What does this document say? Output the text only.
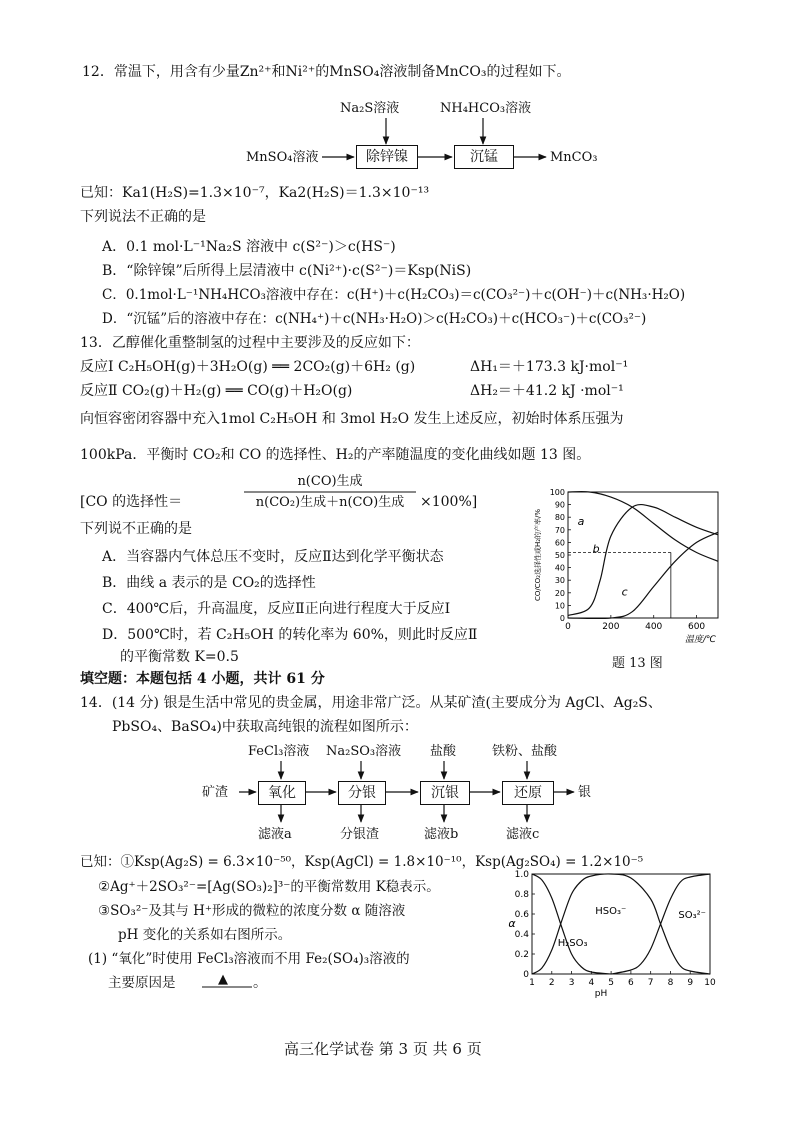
12．常温下，用含有少量Zn²⁺和Ni²⁺的MnSO₄溶液制备MnCO₃的过程如下。
Na₂S溶液	NH₄HCO₃溶液
MnSO₄溶液	除锌镍	沉锰	MnCO₃
已知：Ka1(H₂S)=1.3×10⁻⁷，Ka2(H₂S)＝1.3×10⁻¹³
下列说法不正确的是
A．0.1 mol·L⁻¹Na₂S 溶液中 c(S²⁻)＞c(HS⁻)
B．“除锌镍”后所得上层清液中 c(Ni²⁺)·c(S²⁻)＝Ksp(NiS)
C．0.1mol·L⁻¹NH₄HCO₃溶液中存在：c(H⁺)＋c(H₂CO₃)＝c(CO₃²⁻)＋c(OH⁻)＋c(NH₃·H₂O)
D．“沉锰”后的溶液中存在：c(NH₄⁺)＋c(NH₃·H₂O)＞c(H₂CO₃)＋c(HCO₃⁻)＋c(CO₃²⁻)
13．乙醇催化重整制氢的过程中主要涉及的反应如下：
反应Ⅰ C₂H₅OH(g)＋3H₂O(g) ══ 2CO₂(g)＋6H₂ (g)	ΔH₁＝＋173.3 kJ·mol⁻¹
反应Ⅱ CO₂(g)＋H₂(g) ══ CO(g)＋H₂O(g)	ΔH₂＝＋41.2 kJ ·mol⁻¹
向恒容密闭容器中充入1mol C₂H₅OH 和 3mol H₂O 发生上述反应，初始时体系压强为
100kPa．平衡时 CO₂和 CO 的选择性、H₂的产率随温度的变化曲线如题 13 图。
[CO 的选择性＝
n(CO)生成
n(CO₂)生成＋n(CO)生成	×100%]
下列说不正确的是
A．当容器内气体总压不变时，反应Ⅱ达到化学平衡状态
B．曲线 a 表示的是 CO₂的选择性
C．400℃后，升高温度，反应Ⅱ正向进行程度大于反应Ⅰ
D．500℃时，若 C₂H₅OH 的转化率为 60%，则此时反应Ⅱ
的平衡常数 K=0.5
0
10
20
30
40
50
60
70
80
90
100
0	200	400	600
CO/CO₂选择性或H₂的产率/%
温度/℃
a
b
c
题 13 图
填空题：本题包括 4 小题，共计 61 分
14．(14 分) 银是生活中常见的贵金属，用途非常广泛。从某矿渣(主要成分为 AgCl、Ag₂S、
PbSO₄、BaSO₄)中获取高纯银的流程如图所示：
FeCl₃溶液 Na₂SO₃溶液 盐酸	铁粉、盐酸
矿渣	氧化	分银	沉银	还原	银
滤液a	分银渣	滤液b	滤液c
已知：①Ksp(Ag₂S) = 6.3×10⁻⁵⁰，Ksp(AgCl) = 1.8×10⁻¹⁰，Ksp(Ag₂SO₄) = 1.2×10⁻⁵
②Ag⁺＋2SO₃²⁻=[Ag(SO₃)₂]³⁻的平衡常数用 K稳表示。
③SO₃²⁻及其与 H⁺形成的微粒的浓度分数 α 随溶液
pH 变化的关系如右图所示。
(1) “氧化”时使用 FeCl₃溶液而不用 Fe₂(SO₄)₃溶液的
主要原因是	▲ 。	0
0.2
0.4
0.6
0.8
1.0
1 2 3 4 5 6 7 8 9 10
pH
α
H₂SO₃
HSO₃⁻	SO₃²⁻
高三化学试卷 第 3 页 共 6 页
